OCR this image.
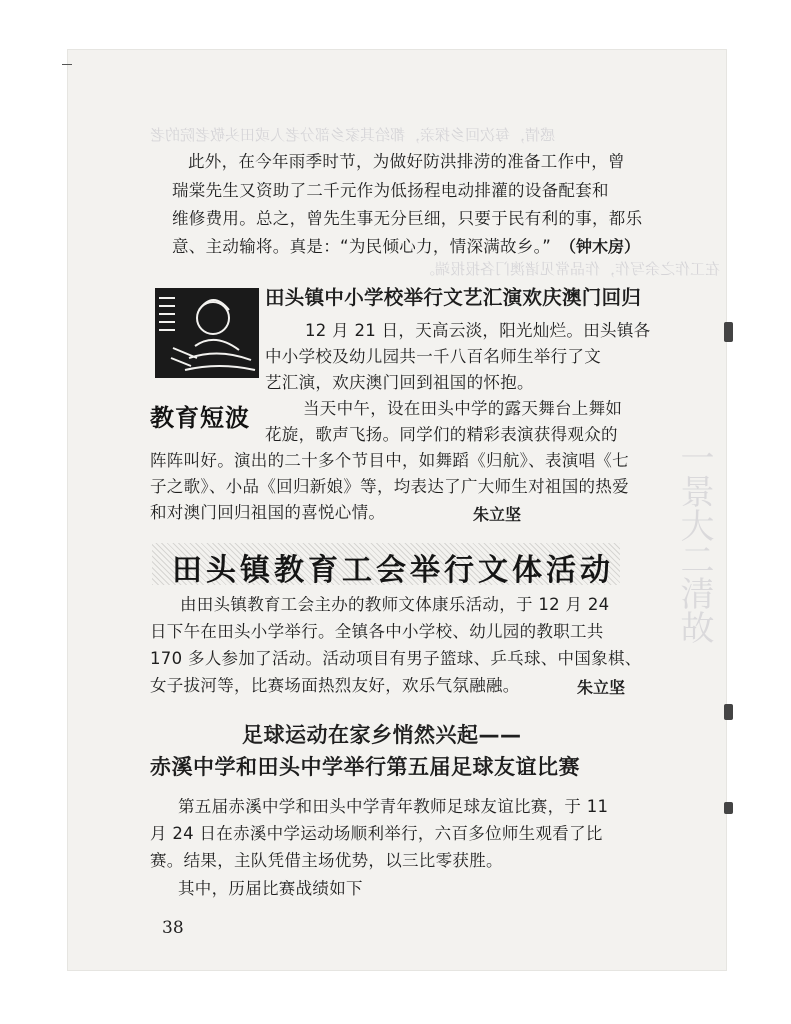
感情，每次回乡探亲，都给其家乡部分老人或田头敬老院的老
在工作之余写作，作品常见诸澳门各报报端。
一景大二清故

此外，在今年雨季时节，为做好防洪排涝的准备工作中，曾

瑞棠先生又资助了二千元作为低扬程电动排灌的设备配套和

维修费用。总之，曾先生事无分巨细，只要于民有利的事，都乐

意、主动输将。真是：“为民倾心力，情深满故乡。” （钟木房）
田头镇中小学校举行文艺汇演欢庆澳门回归

12 月 21 日，天高云淡，阳光灿烂。田头镇各

中小学校及幼儿园共一千八百名师生举行了文

艺汇演，欢庆澳门回到祖国的怀抱。

教育短波	当天中午，设在田头中学的露天舞台上舞如

花旋，歌声飞扬。同学们的精彩表演获得观众的

阵阵叫好。演出的二十多个节目中，如舞蹈《归航》、表演唱《七

子之歌》、小品《回归新娘》等，均表达了广大师生对祖国的热爱

和对澳门回归祖国的喜悦心情。	朱立坚
田头镇教育工会举行文体活动

由田头镇教育工会主办的教师文体康乐活动，于 12 月 24

日下午在田头小学举行。全镇各中小学校、幼儿园的教职工共

170 多人参加了活动。活动项目有男子篮球、乒乓球、中国象棋、

女子拔河等，比赛场面热烈友好，欢乐气氛融融。	朱立坚
足球运动在家乡悄然兴起——
赤溪中学和田头中学举行第五届足球友谊比赛

第五届赤溪中学和田头中学青年教师足球友谊比赛，于 11

月 24 日在赤溪中学运动场顺利举行，六百多位师生观看了比

赛。结果，主队凭借主场优势，以三比零获胜。

其中，历届比赛战绩如下

38
